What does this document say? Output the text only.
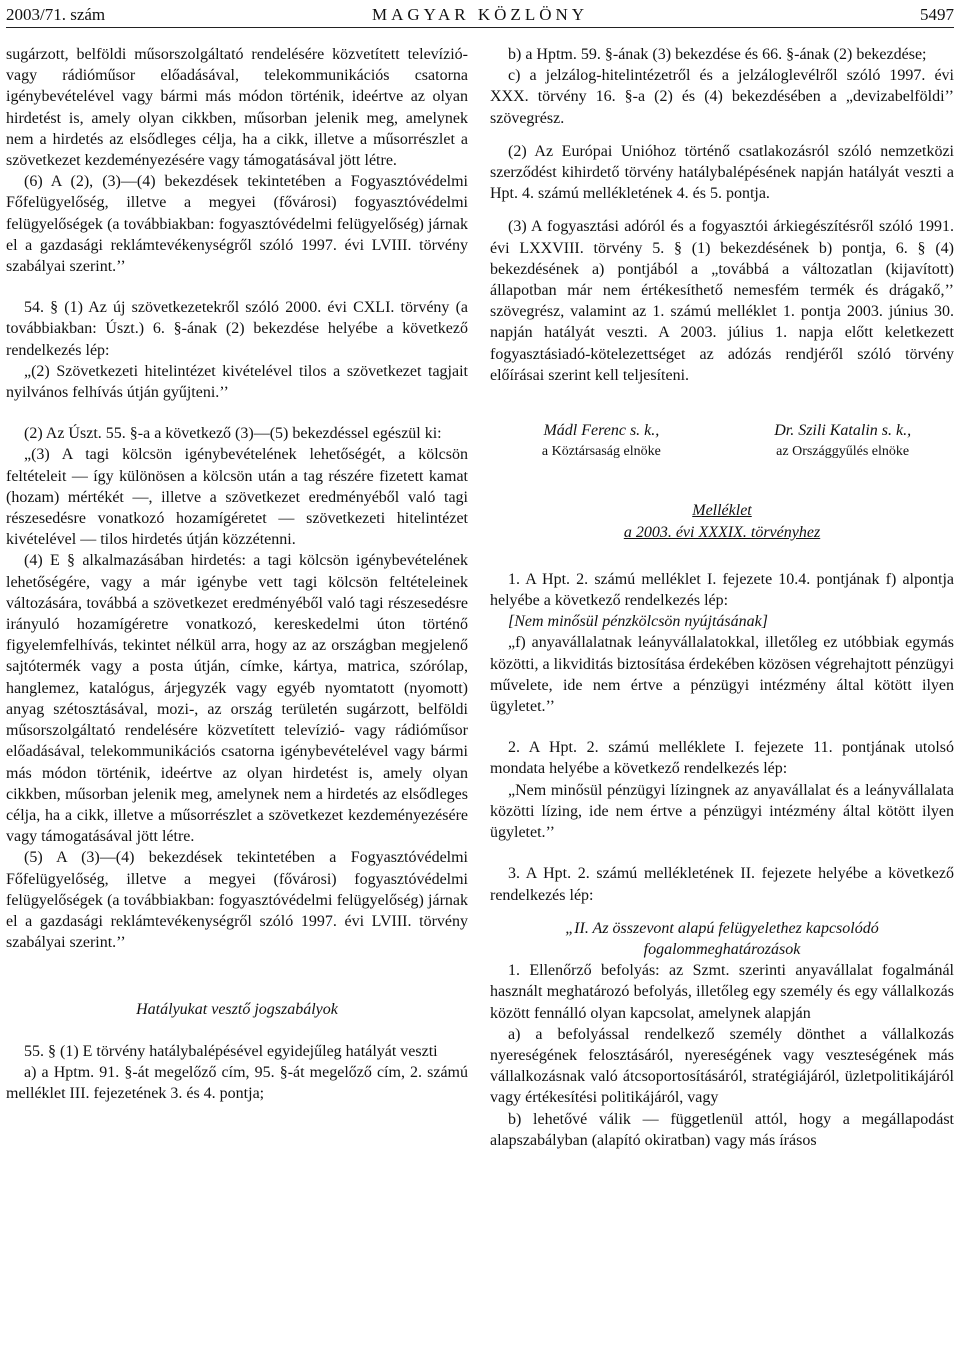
2003/71. szám	MAGYAR KÖZLÖNY	5497

sugárzott, belföldi műsorszolgáltató rendelésére közvetített televízió- vagy rádióműsor előadásával, telekommunikációs csatorna igénybevételével vagy bármi más módon történik, ideértve az olyan hirdetést is, amely olyan cikkben, műsorban jelenik meg, amelynek nem a hirdetés az elsődleges célja, ha a cikk, illetve a műsorrészlet a szövetkezet kezdeményezésére vagy támogatásával jött létre.

(6) A (2), (3)—(4) bekezdések tekintetében a Fogyasztóvédelmi Főfelügyelőség, illetve a megyei (fővárosi) fogyasztóvédelmi felügyelőségek (a továbbiakban: fogyasztóvédelmi felügyelőség) járnak el a gazdasági reklámtevékenységről szóló 1997. évi LVIII. törvény szabályai szerint.’’

54. § (1) Az új szövetkezetekről szóló 2000. évi CXLI. törvény (a továbbiakban: Úszt.) 6. §-ának (2) bekezdése helyébe a következő rendelkezés lép:

„(2) Szövetkezeti hitelintézet kivételével tilos a szövetkezet tagjait nyilvános felhívás útján gyűjteni.’’

(2) Az Úszt. 55. §-a a következő (3)—(5) bekezdéssel egészül ki:

„(3) A tagi kölcsön igénybevételének lehetőségét, a kölcsön feltételeit — így különösen a kölcsön után a tag részére fizetett kamat (hozam) mértékét —, illetve a szövetkezet eredményéből való tagi részesedésre vonatkozó hozamígéretet — szövetkezeti hitelintézet kivételével — tilos hirdetés útján közzétenni.

(4) E § alkalmazásában hirdetés: a tagi kölcsön igénybevételének lehetőségére, vagy a már igénybe vett tagi kölcsön feltételeinek változására, továbbá a szövetkezet eredményéből való tagi részesedésre irányuló hozamígéretre vonatkozó, kereskedelmi úton történő figyelemfelhívás, tekintet nélkül arra, hogy az az országban megjelenő sajtótermék vagy a posta útján, címke, kártya, matrica, szórólap, hanglemez, katalógus, árjegyzék vagy egyéb nyomtatott (nyomott) anyag szétosztásával, mozi-, az ország területén sugárzott, belföldi műsorszolgáltató rendelésére közvetített televízió- vagy rádióműsor előadásával, telekommunikációs csatorna igénybevételével vagy bármi más módon történik, ideértve az olyan hirdetést is, amely olyan cikkben, műsorban jelenik meg, amelynek nem a hirdetés az elsődleges célja, ha a cikk, illetve a műsorrészlet a szövetkezet kezdeményezésére vagy támogatásával jött létre.

(5) A (3)—(4) bekezdések tekintetében a Fogyasztóvédelmi Főfelügyelőség, illetve a megyei (fővárosi) fogyasztóvédelmi felügyelőségek (a továbbiakban: fogyasztóvédelmi felügyelőség) járnak el a gazdasági reklámtevékenységről szóló 1997. évi LVIII. törvény szabályai szerint.’’

Hatályukat vesztő jogszabályok

55. § (1) E törvény hatálybalépésével egyidejűleg hatályát veszti

a) a Hptm. 91. §-át megelőző cím, 95. §-át megelőző cím, 2. számú melléklet III. fejezetének 3. és 4. pontja;

b) a Hptm. 59. §-ának (3) bekezdése és 66. §-ának (2) bekezdése;

c) a jelzálog-hitelintézetről és a jelzáloglevélről szóló 1997. évi XXX. törvény 16. §-a (2) és (4) bekezdésében a „devizabelföldi’’ szövegrész.

(2) Az Európai Unióhoz történő csatlakozásról szóló nemzetközi szerződést kihirdető törvény hatálybalépésének napján hatályát veszti a Hpt. 4. számú mellékletének 4. és 5. pontja.

(3) A fogyasztási adóról és a fogyasztói árkiegészítésről szóló 1991. évi LXXVIII. törvény 5. § (1) bekezdésének b) pontja, 6. § (4) bekezdésének a) pontjából a „továbbá a változatlan (kijavított) állapotban már nem értékesíthető nemesfém termék és drágakő,’’ szövegrész, valamint az 1. számú melléklet 1. pontja 2003. június 30. napján hatályát veszti. A 2003. július 1. napja előtt keletkezett fogyasztásiadó-kötelezettséget az adózás rendjéről szóló törvény előírásai szerint kell teljesíteni.

Mádl Ferenc s. k.,
a Köztársaság elnöke
Dr. Szili Katalin s. k.,
az Országgyűlés elnöke

Melléklet

a 2003. évi XXXIX. törvényhez

1. A Hpt. 2. számú melléklet I. fejezete 10.4. pontjának f) alpontja helyébe a következő rendelkezés lép:

[Nem minősül pénzkölcsön nyújtásának]

„f) anyavállalatnak leányvállalatokkal, illetőleg ez utóbbiak egymás közötti, a likviditás biztosítása érdekében közösen végrehajtott pénzügyi művelete, ide nem értve a pénzügyi intézmény által kötött ilyen ügyletet.’’

2. A Hpt. 2. számú melléklete I. fejezete 11. pontjának utolsó mondata helyébe a következő rendelkezés lép:

„Nem minősül pénzügyi lízingnek az anyavállalat és a leányvállalata közötti lízing, ide nem értve a pénzügyi intézmény által kötött ilyen ügyletet.’’

3. A Hpt. 2. számú mellékletének II. fejezete helyébe a következő rendelkezés lép:

„II. Az összevont alapú felügyelethez kapcsolódó fogalommeghatározások

1. Ellenőrző befolyás: az Szmt. szerinti anyavállalat fogalmánál használt meghatározó befolyás, illetőleg egy személy és egy vállalkozás között fennálló olyan kapcsolat, amelynek alapján

a) a befolyással rendelkező személy dönthet a vállalkozás nyereségének felosztásáról, nyereségének vagy veszteségének más vállalkozásnak való átcsoportosításáról, stratégiájáról, üzletpolitikájáról vagy értékesítési politikájáról, vagy

b) lehetővé válik — függetlenül attól, hogy a megállapodást alapszabályban (alapító okiratban) vagy más írásos
